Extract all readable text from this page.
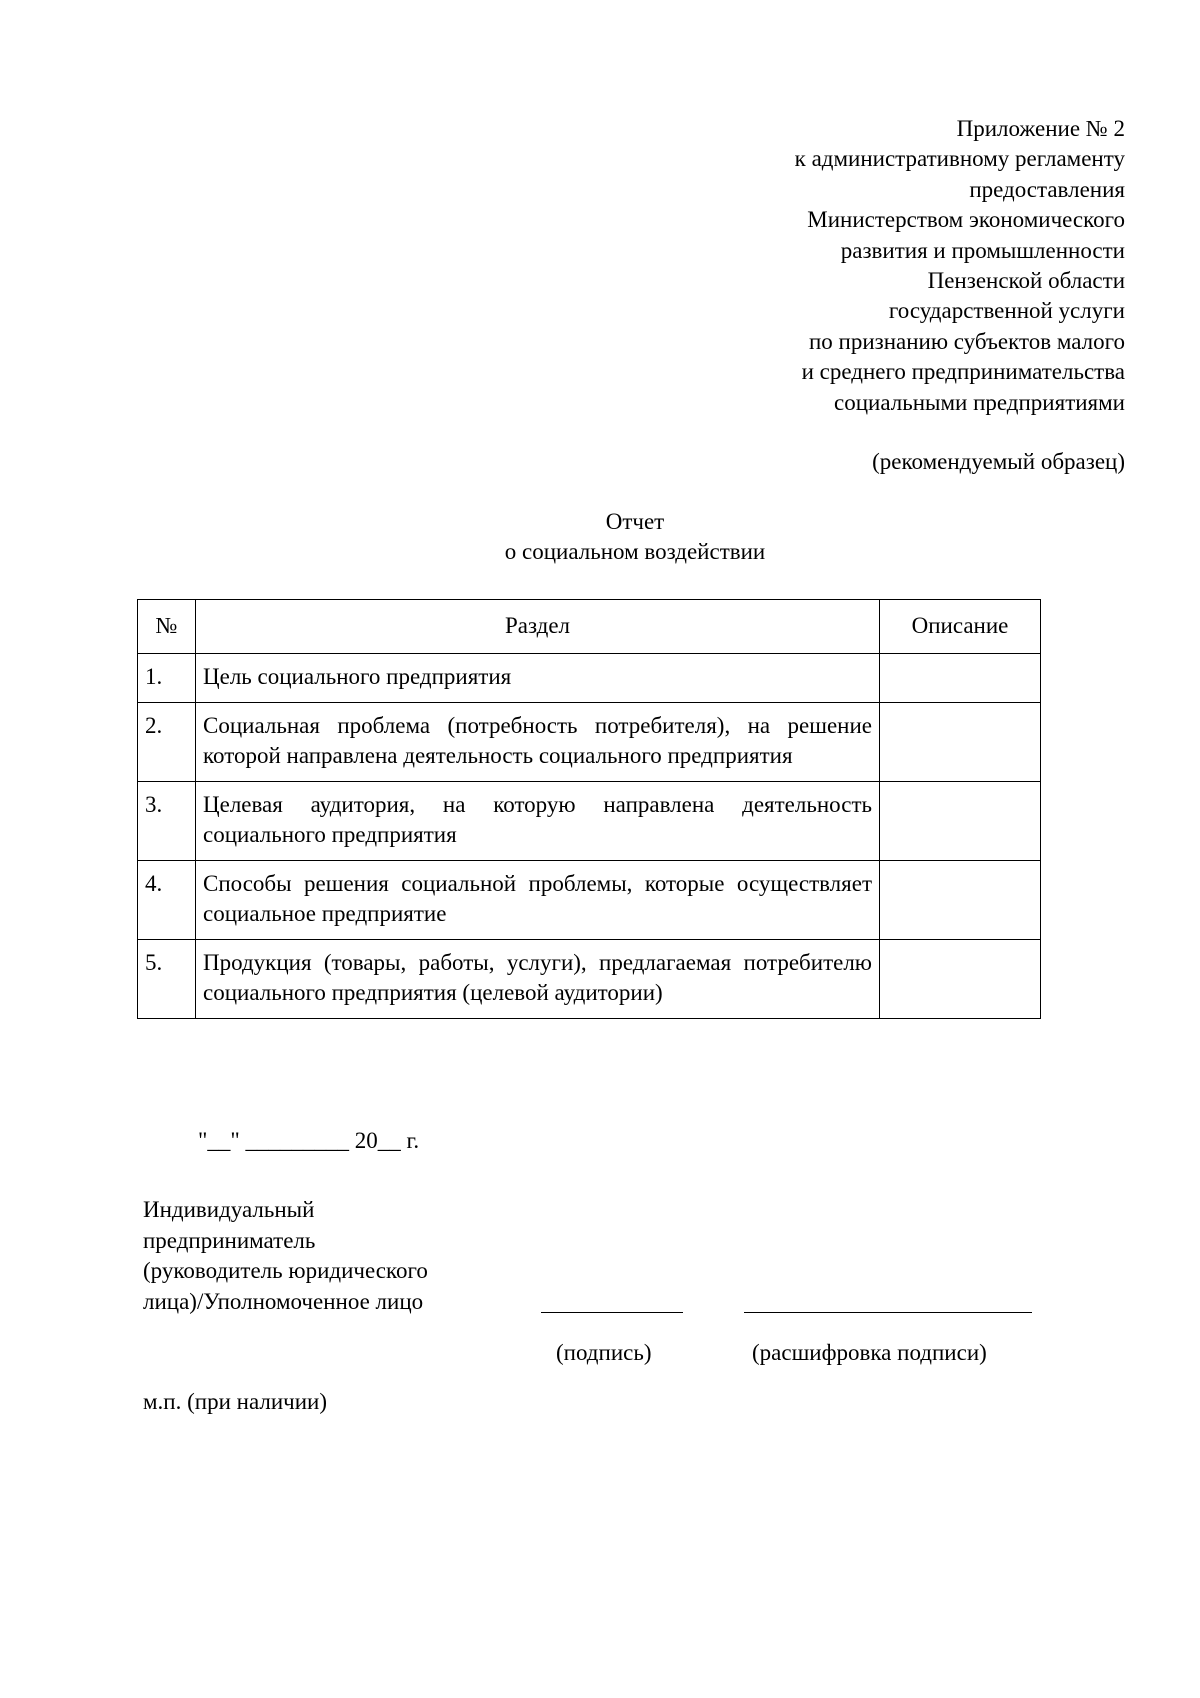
Приложение № 2
к административному регламенту
предоставления
Министерством экономического
развития и промышленности
Пензенской области
государственной услуги
по признанию субъектов малого
и среднего предпринимательства
социальными предприятиями
(рекомендуемый образец)
Отчет
о социальном воздействии
№	Раздел	Описание
1.	Цель социального предприятия	
2.	Социальная проблема (потребность потребителя), на решение которой направлена деятельность социального предприятия	
3.	Целевая аудитория, на которую направлена деятельность социального предприятия	
4.	Способы решения социальной проблемы, которые осуществляет социальное предприятие	
5.	Продукция (товары, работы, услуги), предлагаемая потребителю социального предприятия (целевой аудитории)	
"__" _________ 20__ г.
Индивидуальный
предприниматель
(руководитель юридического
лица)/Уполномоченное лицо
(подпись)	(расшифровка подписи)
м.п. (при наличии)
